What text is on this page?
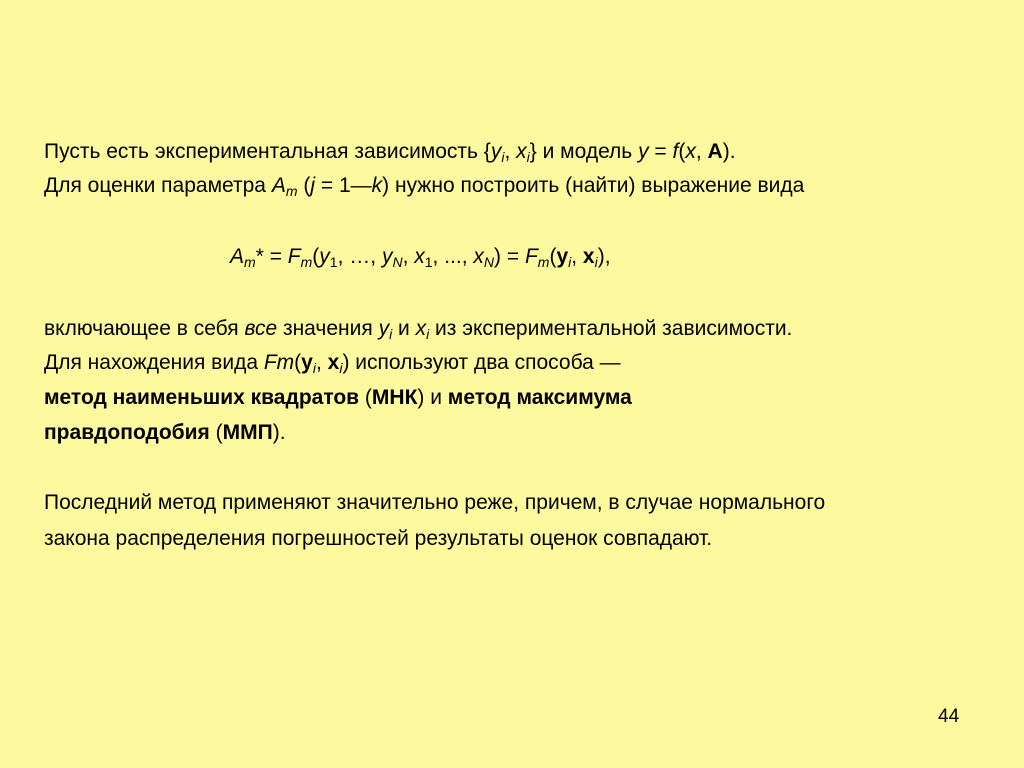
Пусть есть экспериментальная зависимость {$y_i$, $x_i$} и модель y = f(x, A).
Для оценки параметра $A_m$ (j = 1—k) нужно построить (найти) выражение вида
$A_m* = F_m(y_1$, …, $y_N$, $x_1$, ..., $x_N) = F_m(y_i$, $x_i$),
включающее в себя все значения $y_i$ и $x_i$ из экспериментальной зависимости.
Для нахождения вида $Fm(y_i$, $x_i$) используют два способа —
метод наименьших квадратов (МНК) и метод максимума
правдоподобия (ММП).
Последний метод применяют значительно реже, причем, в случае нормального
закона распределения погрешностей результаты оценок совпадают.
44
